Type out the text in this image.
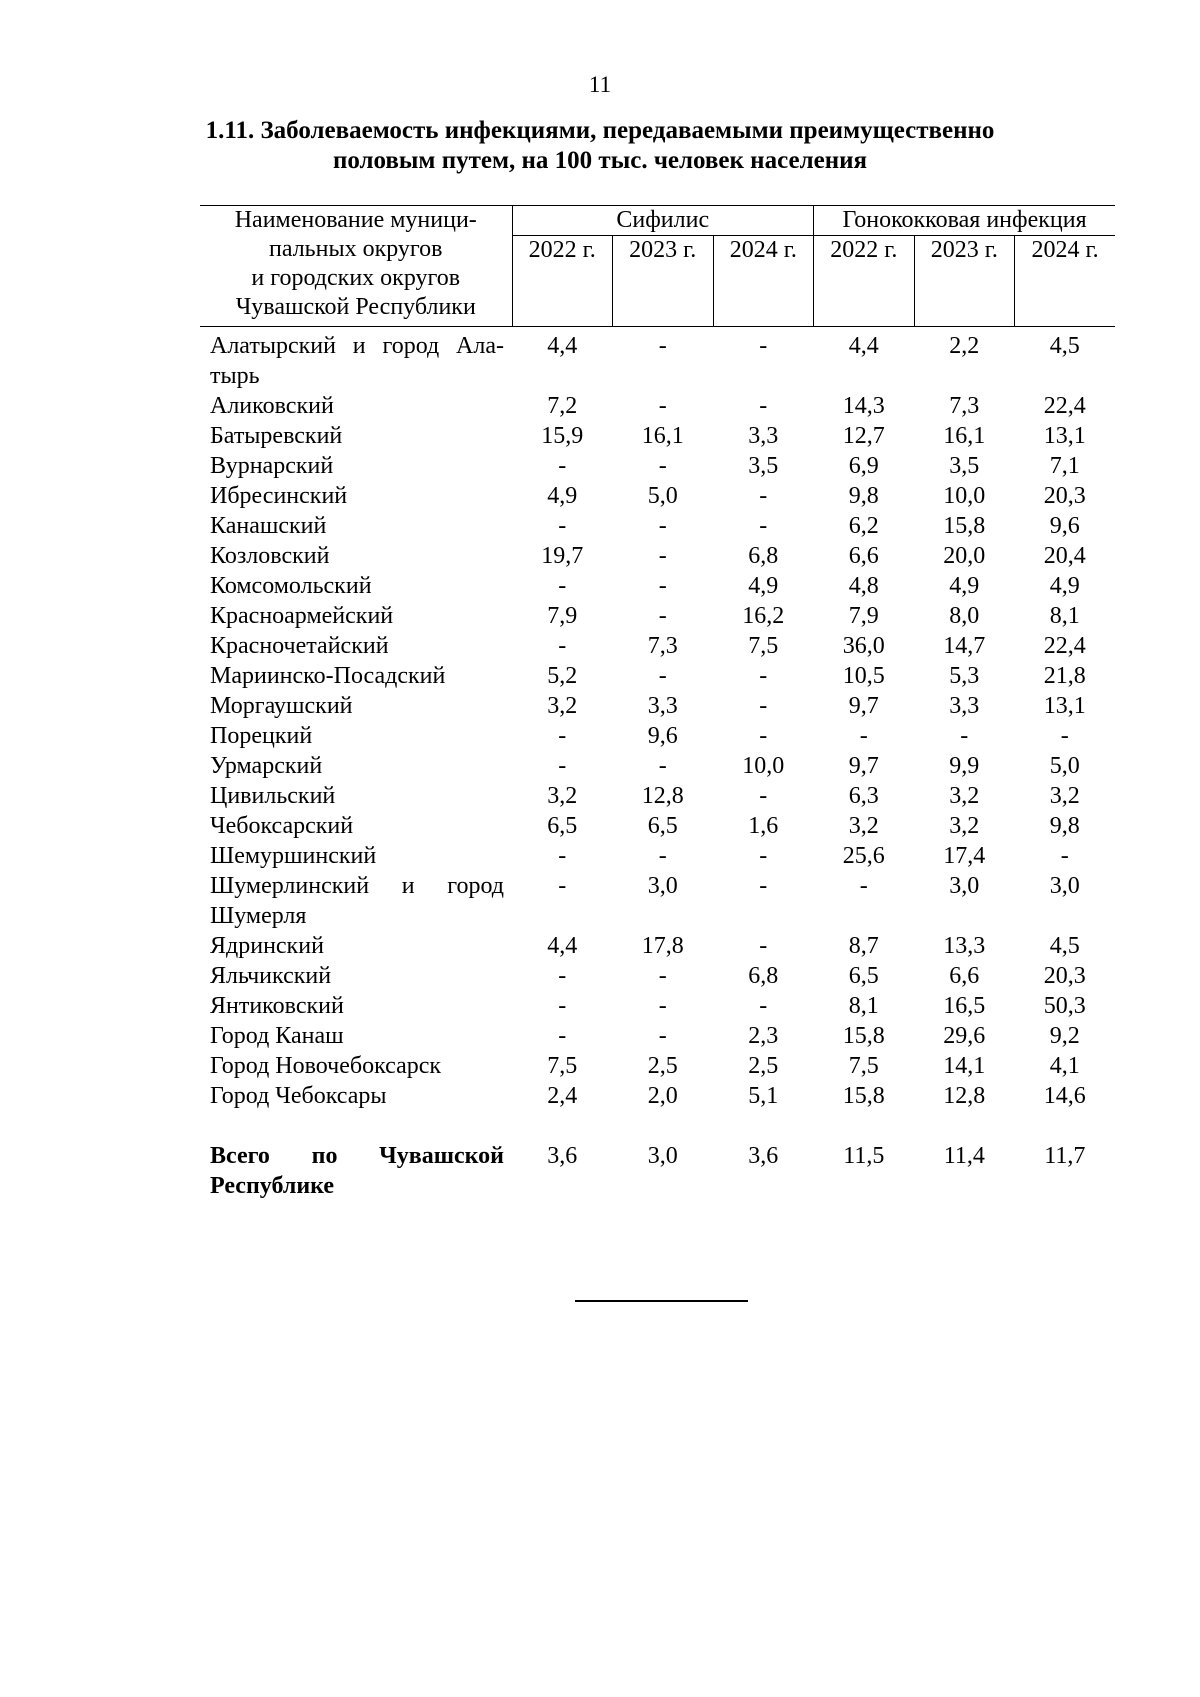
11
1.11. Заболеваемость инфекциями, передаваемыми преимущественно
половым путем, на 100 тыс. человек населения
Наименование муници-
пальных округов
и городских округов
Чувашской Республики	Сифилис			Гонококковая инфекция		
	2022 г.	2023 г.	2024 г.	2022 г.	2023 г.	2024 г.
Алатырский и город Ала-тырь	4,4	-	-	4,4	2,2	4,5
Аликовский	7,2	-	-	14,3	7,3	22,4
Батыревский	15,9	16,1	3,3	12,7	16,1	13,1
Вурнарский	-	-	3,5	6,9	3,5	7,1
Ибресинский	4,9	5,0	-	9,8	10,0	20,3
Канашский	-	-	-	6,2	15,8	9,6
Козловский	19,7	-	6,8	6,6	20,0	20,4
Комсомольский	-	-	4,9	4,8	4,9	4,9
Красноармейский	7,9	-	16,2	7,9	8,0	8,1
Красночетайский	-	7,3	7,5	36,0	14,7	22,4
Мариинско-Посадский	5,2	-	-	10,5	5,3	21,8
Моргаушский	3,2	3,3	-	9,7	3,3	13,1
Порецкий	-	9,6	-	-	-	-
Урмарский	-	-	10,0	9,7	9,9	5,0
Цивильский	3,2	12,8	-	6,3	3,2	3,2
Чебоксарский	6,5	6,5	1,6	3,2	3,2	9,8
Шемуршинский	-	-	-	25,6	17,4	-
Шумерлинский и город Шумерля	-	3,0	-	-	3,0	3,0
Ядринский	4,4	17,8	-	8,7	13,3	4,5
Яльчикский	-	-	6,8	6,5	6,6	20,3
Янтиковский	-	-	-	8,1	16,5	50,3
Город Канаш	-	-	2,3	15,8	29,6	9,2
Город Новочебоксарск	7,5	2,5	2,5	7,5	14,1	4,1
Город Чебоксары	2,4	2,0	5,1	15,8	12,8	14,6

Всего по Чувашской
Республике	3,6	3,0	3,6	11,5	11,4	11,7
